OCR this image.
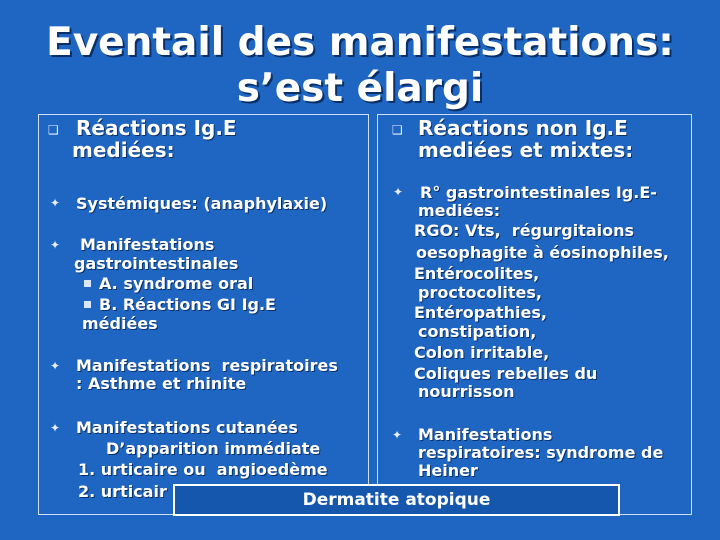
Eventail des manifestations:
s’est élargi
❑ Réactions Ig.E
mediées:
✦ Systémiques: (anaphylaxie)
✦ Manifestations
gastrointestinales
A. syndrome oral
B. Réactions GI Ig.E
médiées
✦ Manifestations  respiratoires
: Asthme et rhinite
✦ Manifestations cutanées
D’apparition immédiate
1. urticaire ou  angioedème
2. urticair
❑ Réactions non Ig.E
mediées et mixtes:
✦ R° gastrointestinales Ig.E-
mediées:
RGO: Vts,  régurgitaions
oesophagite à éosinophiles,
Entérocolites,
proctocolites,
Entéropathies,
constipation,
Colon irritable,
Coliques rebelles du
nourrisson
✦ Manifestations
respiratoires: syndrome de
Heiner
Dermatite atopique
